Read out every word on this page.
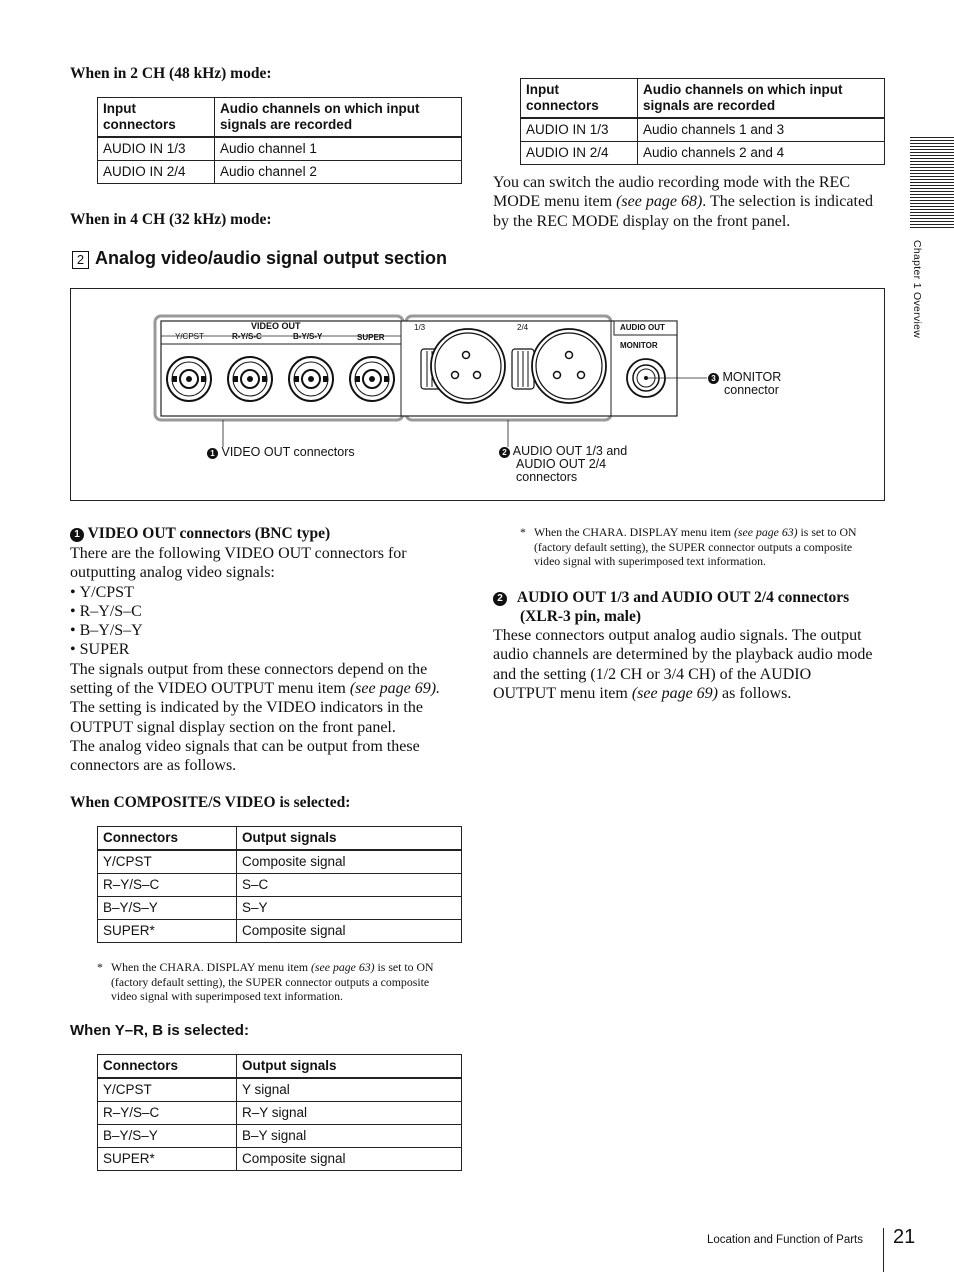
When in 2 CH (48 kHz) mode:
Input connectors	Audio channels on which input signals are recorded
AUDIO IN 1/3	Audio channel 1
AUDIO IN 2/4	Audio channel 2
When in 4 CH (32 kHz) mode:
Input connectors	Audio channels on which input signals are recorded
AUDIO IN 1/3	Audio channels 1 and 3
AUDIO IN 2/4	Audio channels 2 and 4
You can switch the audio recording mode with the REC
MODE menu item (see page 68). The selection is indicated
by the REC MODE display on the front panel.
2 Analog video/audio signal output section
VIDEO OUT
Y/CPST	R-Y/S-C	B-Y/S-Y	SUPER
1/3	2/4	AUDIO OUT
MONITOR
3 MONITOR
connector
1 VIDEO OUT connectors	2 AUDIO OUT 1/3 and
AUDIO OUT 2/4
connectors
1 VIDEO OUT connectors (BNC type)
There are the following VIDEO OUT connectors for
outputting analog video signals:
• Y/CPST
• R–Y/S–C
• B–Y/S–Y
• SUPER
The signals output from these connectors depend on the
setting of the VIDEO OUTPUT menu item (see page 69).
The setting is indicated by the VIDEO indicators in the
OUTPUT signal display section on the front panel.
The analog video signals that can be output from these
connectors are as follows.
When COMPOSITE/S VIDEO is selected:
Connectors	Output signals
Y/CPST	Composite signal
R–Y/S–C	S–C
B–Y/S–Y	S–Y
SUPER*	Composite signal
* When the CHARA. DISPLAY menu item (see page 63) is set to ON
(factory default setting), the SUPER connector outputs a composite
video signal with superimposed text information.
When Y–R, B is selected:
Connectors	Output signals
Y/CPST	Y signal
R–Y/S–C	R–Y signal
B–Y/S–Y	B–Y signal
SUPER*	Composite signal
* When the CHARA. DISPLAY menu item (see page 63) is set to ON
(factory default setting), the SUPER connector outputs a composite
video signal with superimposed text information.
2 AUDIO OUT 1/3 and AUDIO OUT 2/4 connectors
(XLR-3 pin, male)
These connectors output analog audio signals. The output
audio channels are determined by the playback audio mode
and the setting (1/2 CH or 3/4 CH) of the AUDIO
OUTPUT menu item (see page 69) as follows.
Chapter 1 Overview
Location and Function of Parts 21
